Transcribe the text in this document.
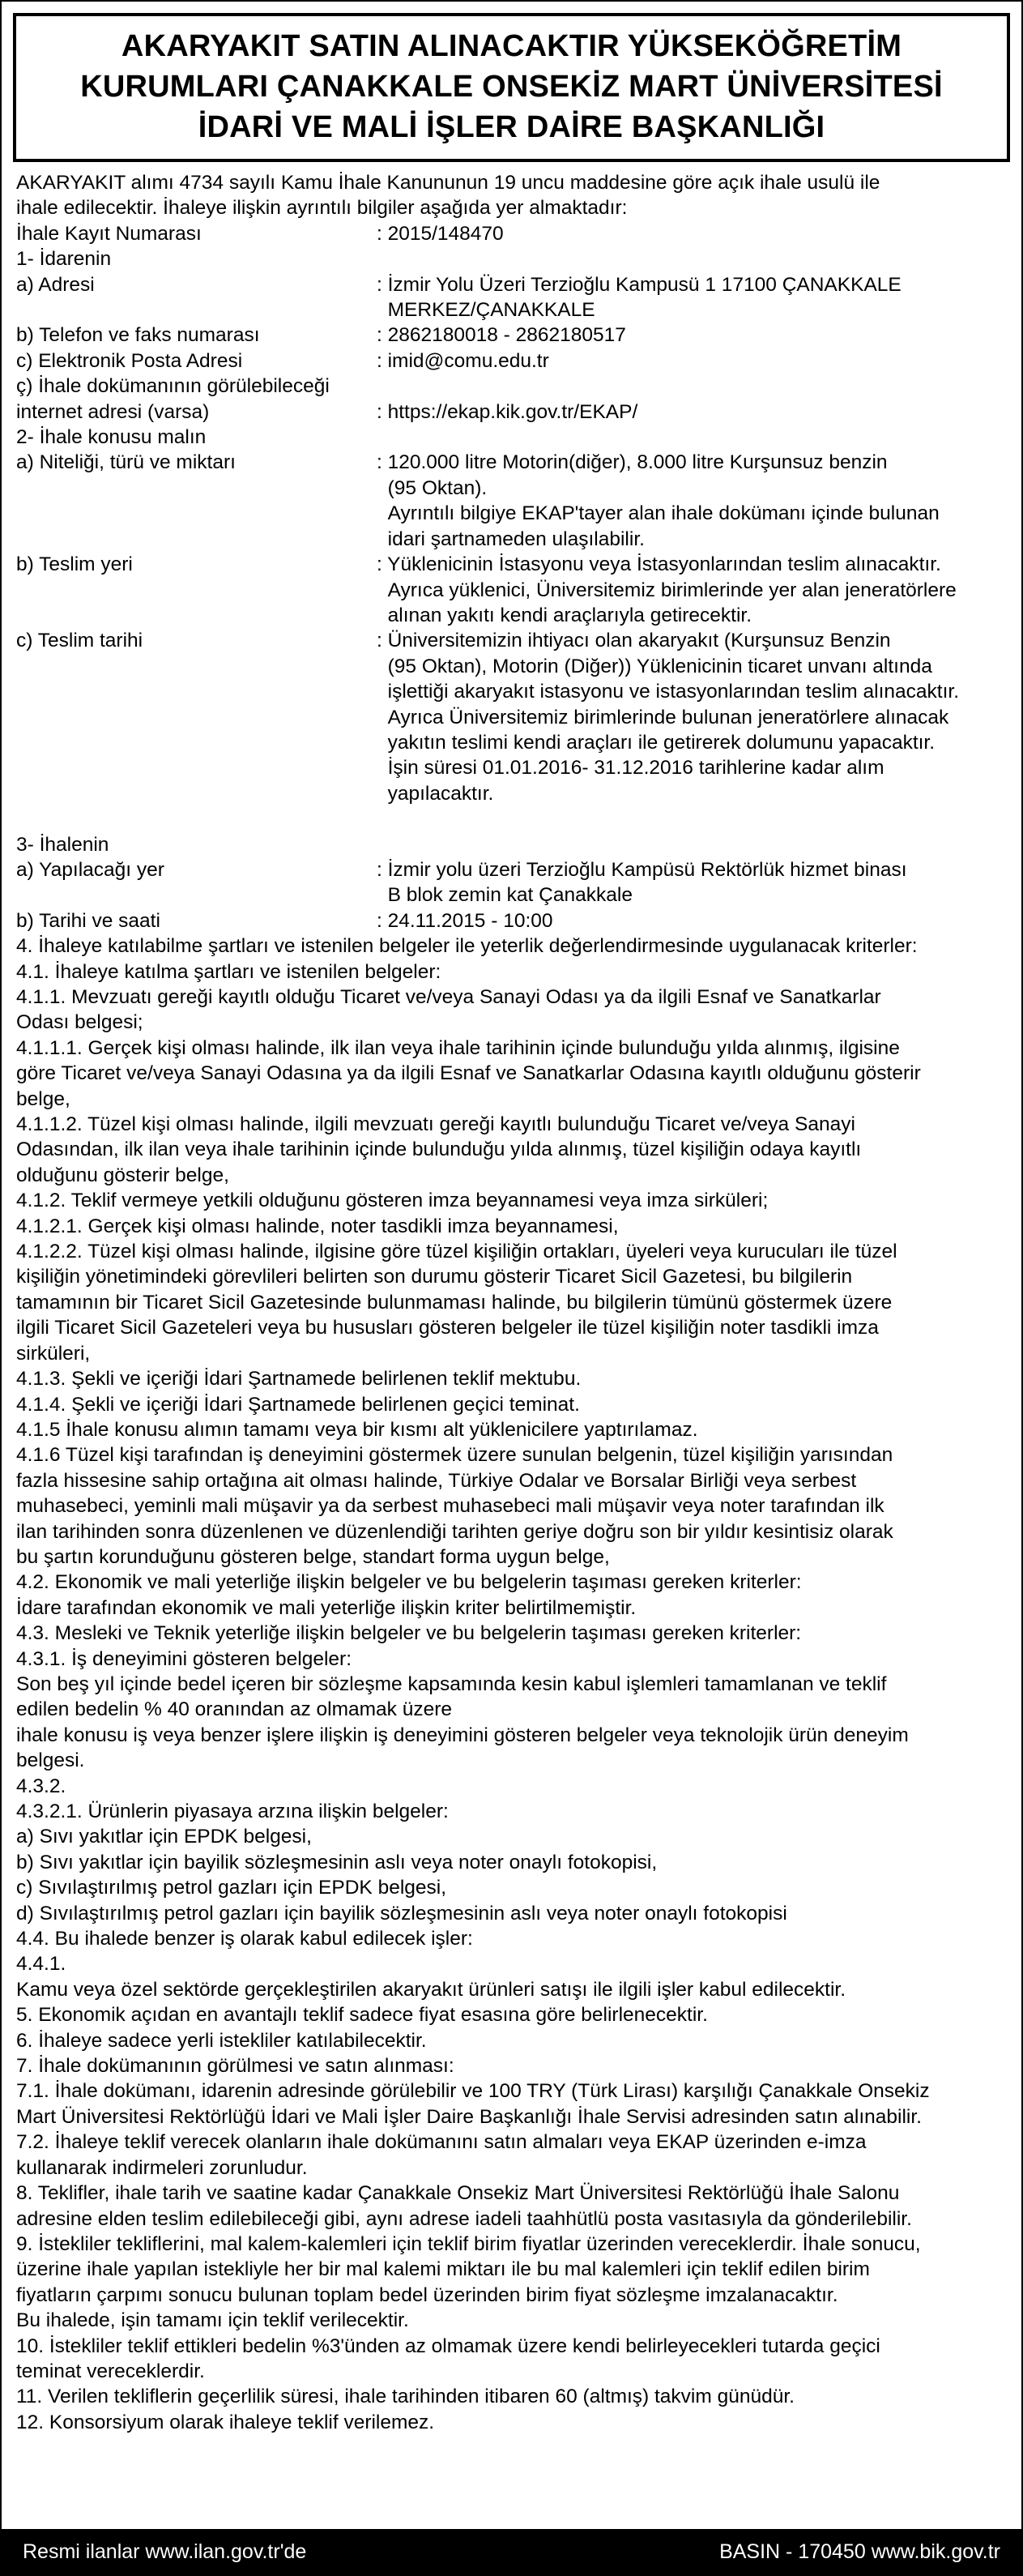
AKARYAKIT SATIN ALINACAKTIR YÜKSEKÖĞRETİM
KURUMLARI ÇANAKKALE ONSEKİZ MART ÜNİVERSİTESİ
İDARİ VE MALİ İŞLER DAİRE BAŞKANLIĞI

AKARYAKIT alımı 4734 sayılı Kamu İhale Kanununun 19 uncu maddesine göre açık ihale usulü ile

ihale edilecektir. İhaleye ilişkin ayrıntılı bilgiler aşağıda yer almaktadır:

İhale Kayıt Numarası	: 2015/148470
1- İdarenin
a) Adresi	: İzmir Yolu Üzeri Terzioğlu Kampusü 1 17100 ÇANAKKALE
MERKEZ/ÇANAKKALE
b) Telefon ve faks numarası	: 2862180018 - 2862180517
c) Elektronik Posta Adresi	: imid@comu.edu.tr
ç) İhale dokümanının görülebileceği
internet adresi (varsa)	
: https://ekap.kik.gov.tr/EKAP/
2- İhale konusu malın
a) Niteliği, türü ve miktarı	: 120.000 litre Motorin(diğer), 8.000 litre Kurşunsuz benzin
(95 Oktan).
Ayrıntılı bilgiye EKAP'tayer alan ihale dokümanı içinde bulunan
idari şartnameden ulaşılabilir.
b) Teslim yeri	: Yüklenicinin İstasyonu veya İstasyonlarından teslim alınacaktır.
Ayrıca yüklenici, Üniversitemiz birimlerinde yer alan jeneratörlere
alınan yakıtı kendi araçlarıyla getirecektir.
c) Teslim tarihi	: Üniversitemizin ihtiyacı olan akaryakıt (Kurşunsuz Benzin
(95 Oktan), Motorin (Diğer)) Yüklenicinin ticaret unvanı altında
işlettiği akaryakıt istasyonu ve istasyonlarından teslim alınacaktır.
Ayrıca Üniversitemiz birimlerinde bulunan jeneratörlere alınacak
yakıtın teslimi kendi araçları ile getirerek dolumunu yapacaktır.
İşin süresi 01.01.2016- 31.12.2016 tarihlerine kadar alım
yapılacaktır.

3- İhalenin
a) Yapılacağı yer	: İzmir yolu üzeri Terzioğlu Kampüsü Rektörlük hizmet binası
B blok zemin kat Çanakkale
b) Tarihi ve saati	: 24.11.2015 - 10:00

4. İhaleye katılabilme şartları ve istenilen belgeler ile yeterlik değerlendirmesinde uygulanacak kriterler:

4.1. İhaleye katılma şartları ve istenilen belgeler:

4.1.1. Mevzuatı gereği kayıtlı olduğu Ticaret ve/veya Sanayi Odası ya da ilgili Esnaf ve Sanatkarlar
Odası belgesi;

4.1.1.1. Gerçek kişi olması halinde, ilk ilan veya ihale tarihinin içinde bulunduğu yılda alınmış, ilgisine
göre Ticaret ve/veya Sanayi Odasına ya da ilgili Esnaf ve Sanatkarlar Odasına kayıtlı olduğunu gösterir
belge,

4.1.1.2. Tüzel kişi olması halinde, ilgili mevzuatı gereği kayıtlı bulunduğu Ticaret ve/veya Sanayi
Odasından, ilk ilan veya ihale tarihinin içinde bulunduğu yılda alınmış, tüzel kişiliğin odaya kayıtlı
olduğunu gösterir belge,

4.1.2. Teklif vermeye yetkili olduğunu gösteren imza beyannamesi veya imza sirküleri;

4.1.2.1. Gerçek kişi olması halinde, noter tasdikli imza beyannamesi,

4.1.2.2. Tüzel kişi olması halinde, ilgisine göre tüzel kişiliğin ortakları, üyeleri veya kurucuları ile tüzel
kişiliğin yönetimindeki görevlileri belirten son durumu gösterir Ticaret Sicil Gazetesi, bu bilgilerin
tamamının bir Ticaret Sicil Gazetesinde bulunmaması halinde, bu bilgilerin tümünü göstermek üzere
ilgili Ticaret Sicil Gazeteleri veya bu hususları gösteren belgeler ile tüzel kişiliğin noter tasdikli imza
sirküleri,

4.1.3. Şekli ve içeriği İdari Şartnamede belirlenen teklif mektubu.

4.1.4. Şekli ve içeriği İdari Şartnamede belirlenen geçici teminat.

4.1.5 İhale konusu alımın tamamı veya bir kısmı alt yüklenicilere yaptırılamaz.

4.1.6 Tüzel kişi tarafından iş deneyimini göstermek üzere sunulan belgenin, tüzel kişiliğin yarısından
fazla hissesine sahip ortağına ait olması halinde, Türkiye Odalar ve Borsalar Birliği veya serbest
muhasebeci, yeminli mali müşavir ya da serbest muhasebeci mali müşavir veya noter tarafından ilk
ilan tarihinden sonra düzenlenen ve düzenlendiği tarihten geriye doğru son bir yıldır kesintisiz olarak
bu şartın korunduğunu gösteren belge, standart forma uygun belge,

4.2. Ekonomik ve mali yeterliğe ilişkin belgeler ve bu belgelerin taşıması gereken kriterler:

İdare tarafından ekonomik ve mali yeterliğe ilişkin kriter belirtilmemiştir.

4.3. Mesleki ve Teknik yeterliğe ilişkin belgeler ve bu belgelerin taşıması gereken kriterler:

4.3.1. İş deneyimini gösteren belgeler:

Son beş yıl içinde bedel içeren bir sözleşme kapsamında kesin kabul işlemleri tamamlanan ve teklif
edilen bedelin % 40 oranından az olmamak üzere

ihale konusu iş veya benzer işlere ilişkin iş deneyimini gösteren belgeler veya teknolojik ürün deneyim
belgesi.

4.3.2.

4.3.2.1. Ürünlerin piyasaya arzına ilişkin belgeler:

a) Sıvı yakıtlar için EPDK belgesi,

b) Sıvı yakıtlar için bayilik sözleşmesinin aslı veya noter onaylı fotokopisi,

c) Sıvılaştırılmış petrol gazları için EPDK belgesi,

d) Sıvılaştırılmış petrol gazları için bayilik sözleşmesinin aslı veya noter onaylı fotokopisi

4.4. Bu ihalede benzer iş olarak kabul edilecek işler:

4.4.1.

Kamu veya özel sektörde gerçekleştirilen akaryakıt ürünleri satışı ile ilgili işler kabul edilecektir.

5. Ekonomik açıdan en avantajlı teklif sadece fiyat esasına göre belirlenecektir.

6. İhaleye sadece yerli istekliler katılabilecektir.

7. İhale dokümanının görülmesi ve satın alınması:

7.1. İhale dokümanı, idarenin adresinde görülebilir ve 100 TRY (Türk Lirası) karşılığı Çanakkale Onsekiz
Mart Üniversitesi Rektörlüğü İdari ve Mali İşler Daire Başkanlığı İhale Servisi adresinden satın alınabilir.

7.2. İhaleye teklif verecek olanların ihale dokümanını satın almaları veya EKAP üzerinden e-imza
kullanarak indirmeleri zorunludur.

8. Teklifler, ihale tarih ve saatine kadar Çanakkale Onsekiz Mart Üniversitesi Rektörlüğü İhale Salonu
adresine elden teslim edilebileceği gibi, aynı adrese iadeli taahhütlü posta vasıtasıyla da gönderilebilir.

9. İstekliler tekliflerini, mal kalem-kalemleri için teklif birim fiyatlar üzerinden vereceklerdir. İhale sonucu,
üzerine ihale yapılan istekliyle her bir mal kalemi miktarı ile bu mal kalemleri için teklif edilen birim
fiyatların çarpımı sonucu bulunan toplam bedel üzerinden birim fiyat sözleşme imzalanacaktır.

Bu ihalede, işin tamamı için teklif verilecektir.

10. İstekliler teklif ettikleri bedelin %3'ünden az olmamak üzere kendi belirleyecekleri tutarda geçici
teminat vereceklerdir.

11. Verilen tekliflerin geçerlilik süresi, ihale tarihinden itibaren 60 (altmış) takvim günüdür.

12. Konsorsiyum olarak ihaleye teklif verilemez.

Resmi ilanlar www.ilan.gov.tr'de	BASIN - 170450 www.bik.gov.tr
